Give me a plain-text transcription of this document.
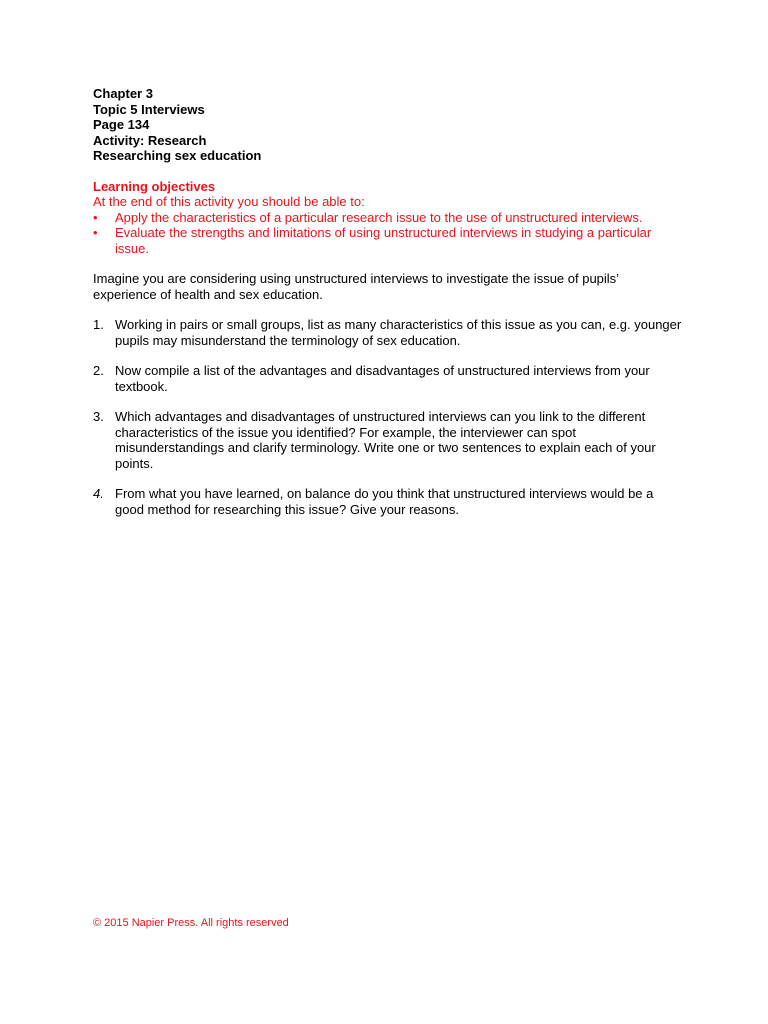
Chapter 3

Topic 5 Interviews

Page 134

Activity: Research

Researching sex education

Learning objectives
At the end of this activity you should be able to:
•	Apply the characteristics of a particular research issue to the use of unstructured interviews.
•	Evaluate the strengths and limitations of using unstructured interviews in studying a particular issue.
Imagine you are considering using unstructured interviews to investigate the issue of pupils’ experience of health and sex education.
1. Working in pairs or small groups, list as many characteristics of this issue as you can, e.g. younger pupils may misunderstand the terminology of sex education.
2. Now compile a list of the advantages and disadvantages of unstructured interviews from your textbook.
3. Which advantages and disadvantages of unstructured interviews can you link to the different characteristics of the issue you identified? For example, the interviewer can spot misunderstandings and clarify terminology. Write one or two sentences to explain each of your points.
4. From what you have learned, on balance do you think that unstructured interviews would be a good method for researching this issue? Give your reasons.
© 2015 Napier Press. All rights reserved
